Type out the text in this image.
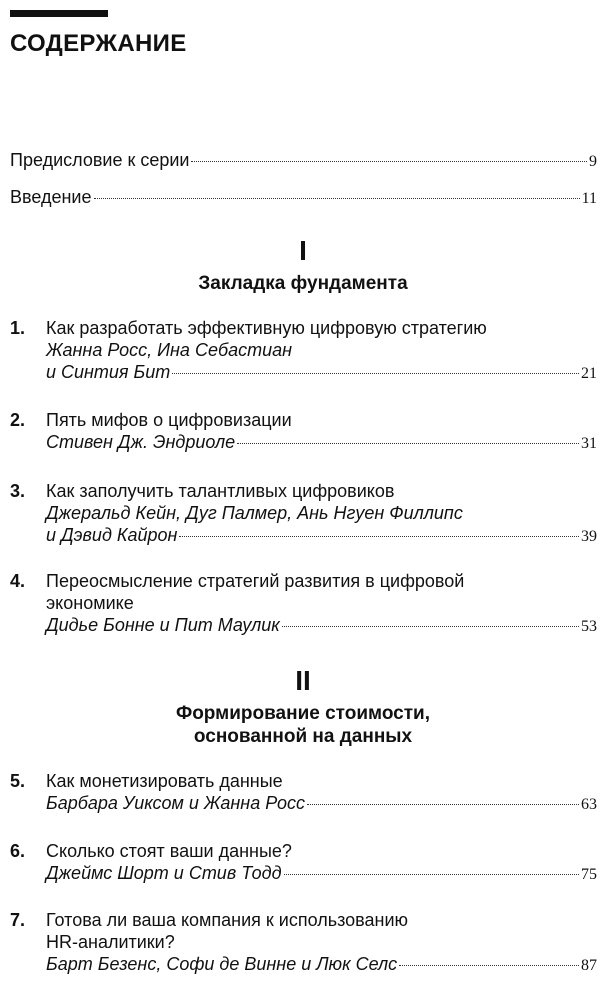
СОДЕРЖАНИЕ
Предисловие к серии	9
Введение	11
I
Закладка фундамента
1. Как разработать эффективную цифровую стратегию
Жанна Росс, Ина Себастиан
и Синтия Бит	21
2. Пять мифов о цифровизации
Стивен Дж. Эндриоле	31
3. Как заполучить талантливых цифровиков
Джеральд Кейн, Дуг Палмер, Ань Нгуен Филлипс
и Дэвид Кайрон	39
4. Переосмысление стратегий развития в цифровой
экономике
Дидье Бонне и Пит Маулик	53
II
Формирование стоимости,
основанной на данных
5. Как монетизировать данные
Барбара Уиксом и Жанна Росс	63
6. Сколько стоят ваши данные?
Джеймс Шорт и Стив Тодд	75
7. Готова ли ваша компания к использованию
HR-аналитики?
Барт Безенс, Софи де Винне и Люк Селс	87
